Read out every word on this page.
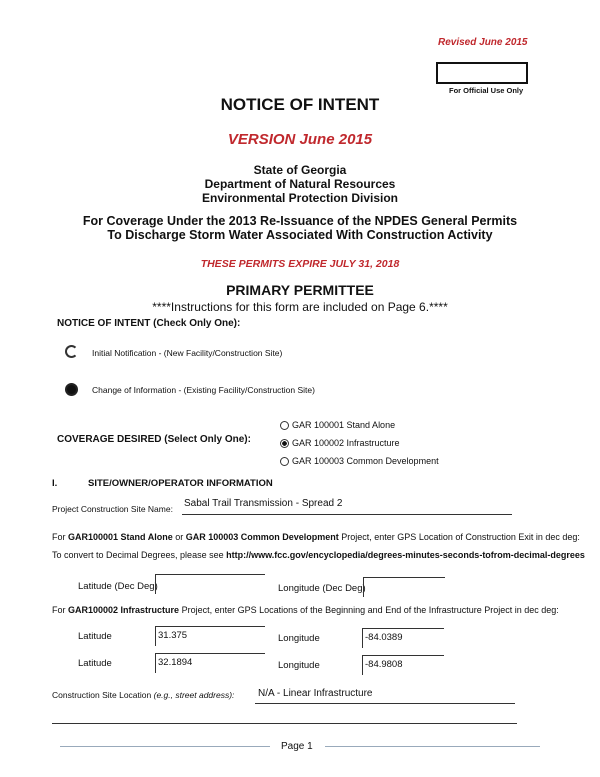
Revised June 2015
For Official Use Only
NOTICE OF INTENT
VERSION June 2015
State of Georgia
Department of Natural Resources
Environmental Protection Division
For Coverage Under the 2013 Re-Issuance of the NPDES General Permits
To Discharge Storm Water Associated With Construction Activity
THESE PERMITS EXPIRE JULY 31, 2018
PRIMARY PERMITTEE
****Instructions for this form are included on Page 6.****
NOTICE OF INTENT (Check Only One):
Initial Notification - (New Facility/Construction Site)
Change of Information - (Existing Facility/Construction Site)
COVERAGE DESIRED (Select Only One):
GAR 100001 Stand Alone
GAR 100002 Infrastructure
GAR 100003 Common Development
I.	SITE/OWNER/OPERATOR INFORMATION
Project Construction Site Name: Sabal Trail Transmission - Spread 2
For GAR100001 Stand Alone or GAR 100003 Common Development Project, enter GPS Location of Construction Exit in dec deg:
To convert to Decimal Degrees, please see http://www.fcc.gov/encyclopedia/degrees-minutes-seconds-tofrom-decimal-degrees
Latitude (Dec Deg)	Longitude (Dec Deg)
For GAR100002 Infrastructure Project, enter GPS Locations of the Beginning and End of the Infrastructure Project in dec deg:
Latitude	31.375	Longitude	-84.0389
Latitude	32.1894	Longitude	-84.9808
Construction Site Location (e.g., street address): N/A - Linear Infrastructure
Page 1
